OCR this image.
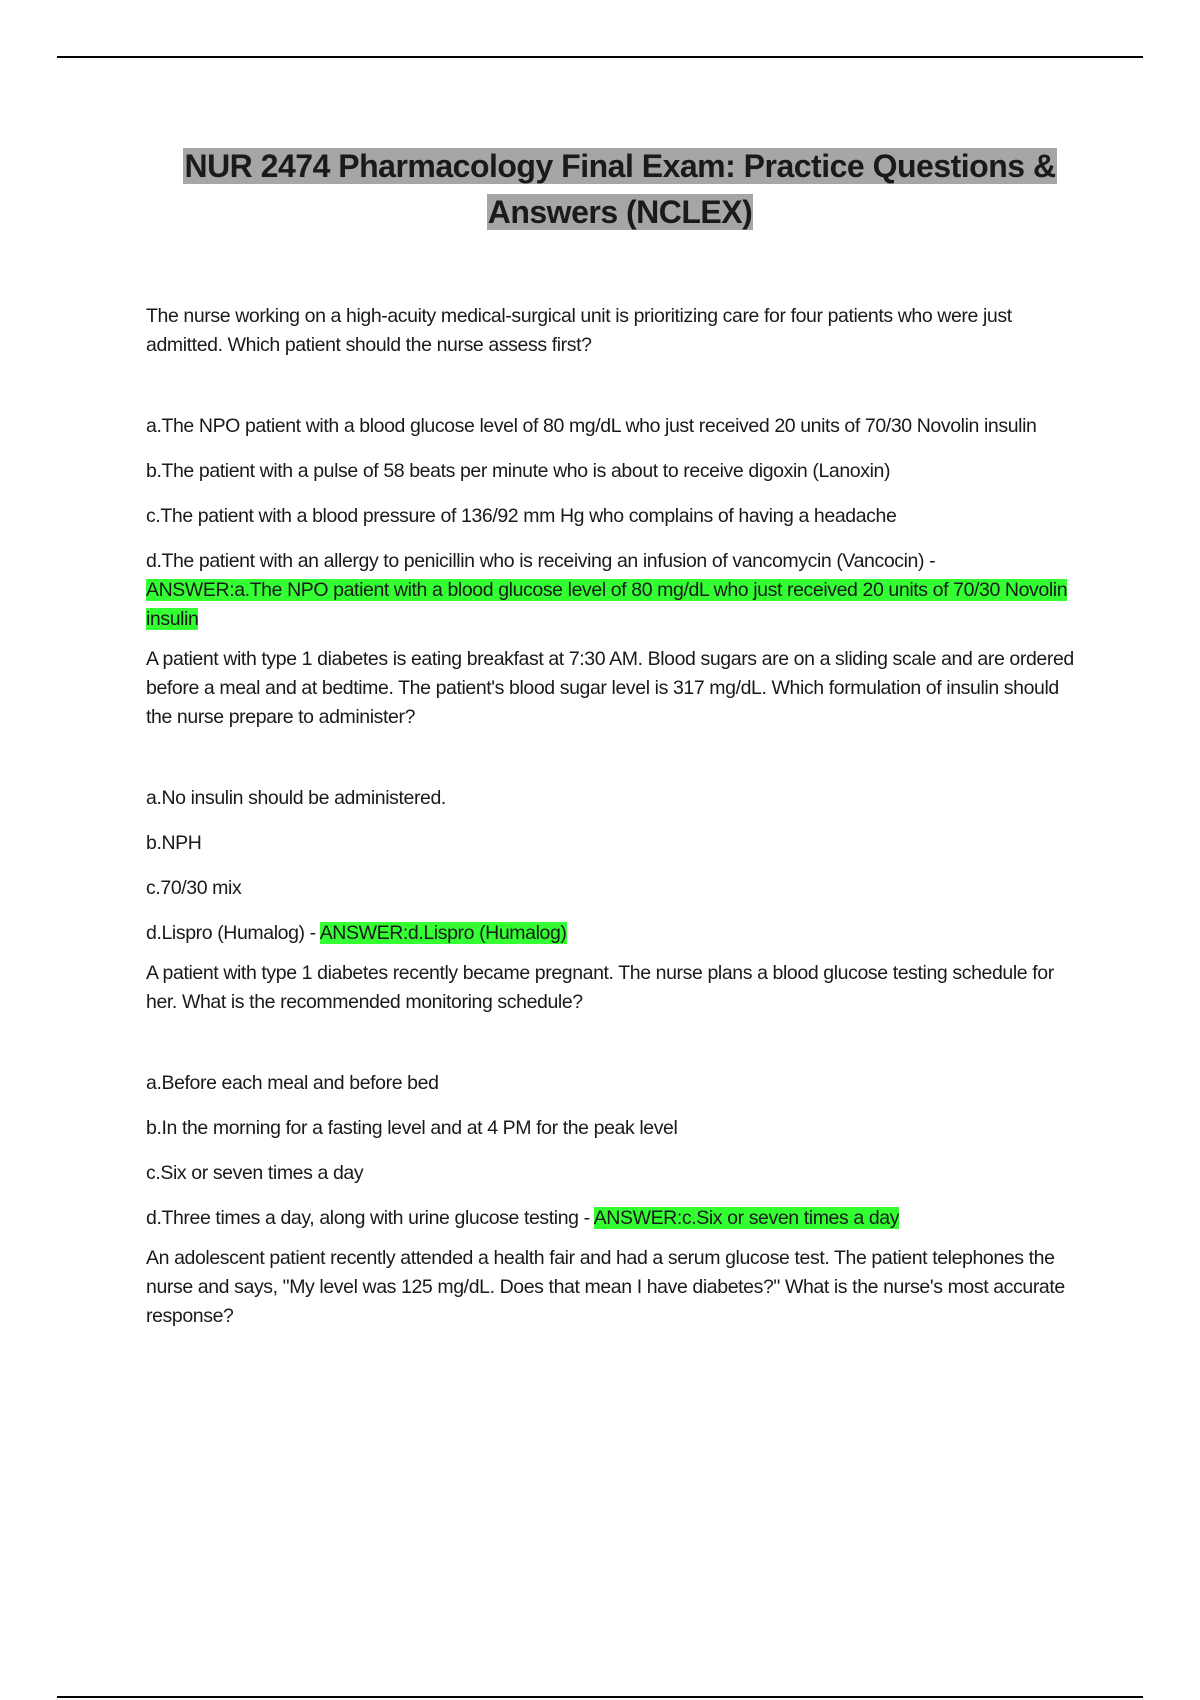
NUR 2474 Pharmacology Final Exam: Practice Questions &
Answers (NCLEX)

The nurse working on a high-acuity medical-surgical unit is prioritizing care for four patients who were just admitted. Which patient should the nurse assess first?

a.The NPO patient with a blood glucose level of 80 mg/dL who just received 20 units of 70/30 Novolin insulin

b.The patient with a pulse of 58 beats per minute who is about to receive digoxin (Lanoxin)

c.The patient with a blood pressure of 136/92 mm Hg who complains of having a headache

d.The patient with an allergy to penicillin who is receiving an infusion of vancomycin (Vancocin) -
ANSWER:a.The NPO patient with a blood glucose level of 80 mg/dL who just received 20 units of 70/30 Novolin insulin

A patient with type 1 diabetes is eating breakfast at 7:30 AM. Blood sugars are on a sliding scale and are ordered before a meal and at bedtime. The patient's blood sugar level is 317 mg/dL. Which formulation of insulin should the nurse prepare to administer?

a.No insulin should be administered.

b.NPH

c.70/30 mix

d.Lispro (Humalog) - ANSWER:d.Lispro (Humalog)

A patient with type 1 diabetes recently became pregnant. The nurse plans a blood glucose testing schedule for her. What is the recommended monitoring schedule?

a.Before each meal and before bed

b.In the morning for a fasting level and at 4 PM for the peak level

c.Six or seven times a day

d.Three times a day, along with urine glucose testing - ANSWER:c.Six or seven times a day

An adolescent patient recently attended a health fair and had a serum glucose test. The patient telephones the nurse and says, "My level was 125 mg/dL. Does that mean I have diabetes?" What is the nurse's most accurate response?
